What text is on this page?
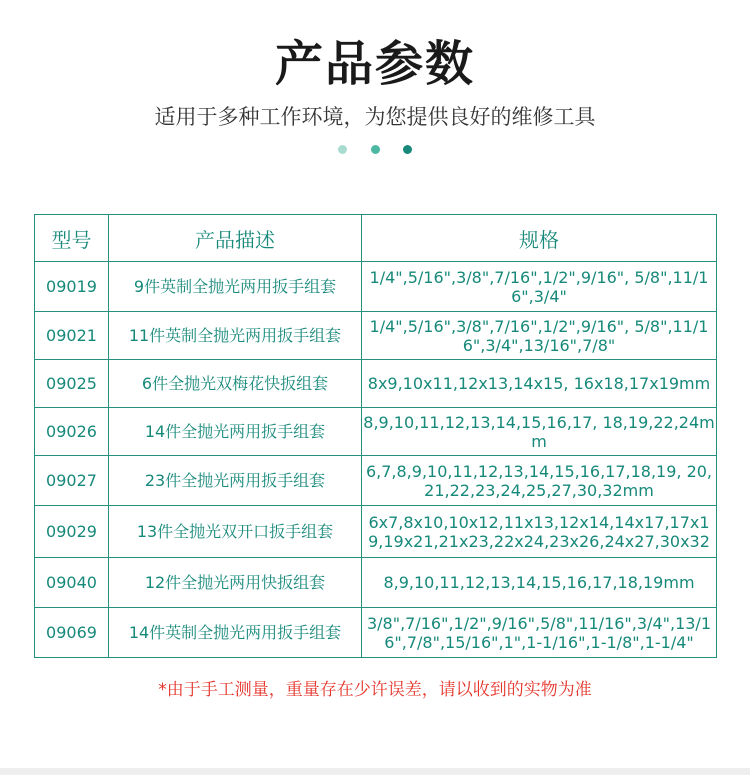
产品参数
适用于多种工作环境，为您提供良好的维修工具

型号	产品描述	规格
09019	9件英制全抛光两用扳手组套	1/4",5/16",3/8",7/16",1/2",9/16", 5/8",11/16",3/4"
09021	11件英制全抛光两用扳手组套	1/4",5/16",3/8",7/16",1/2",9/16", 5/8",11/16",3/4",13/16",7/8"
09025	6件全抛光双梅花快扳组套	8x9,10x11,12x13,14x15, 16x18,17x19mm
09026	14件全抛光两用扳手组套	8,9,10,11,12,13,14,15,16,17, 18,19,22,24mm
09027	23件全抛光两用扳手组套	6,7,8,9,10,11,12,13,14,15,16,17,18,19, 20,21,22,23,24,25,27,30,32mm
09029	13件全抛光双开口扳手组套	6x7,8x10,10x12,11x13,12x14,14x17,17x19,19x21,21x23,22x24,23x26,24x27,30x32
09040	12件全抛光两用快扳组套	8,9,10,11,12,13,14,15,16,17,18,19mm
09069	14件英制全抛光两用扳手组套	3/8",7/16",1/2",9/16",5/8",11/16",3/4",13/16",7/8",15/16",1",1-1/16",1-1/8",1-1/4"
*由于手工测量，重量存在少许误差，请以收到的实物为准
